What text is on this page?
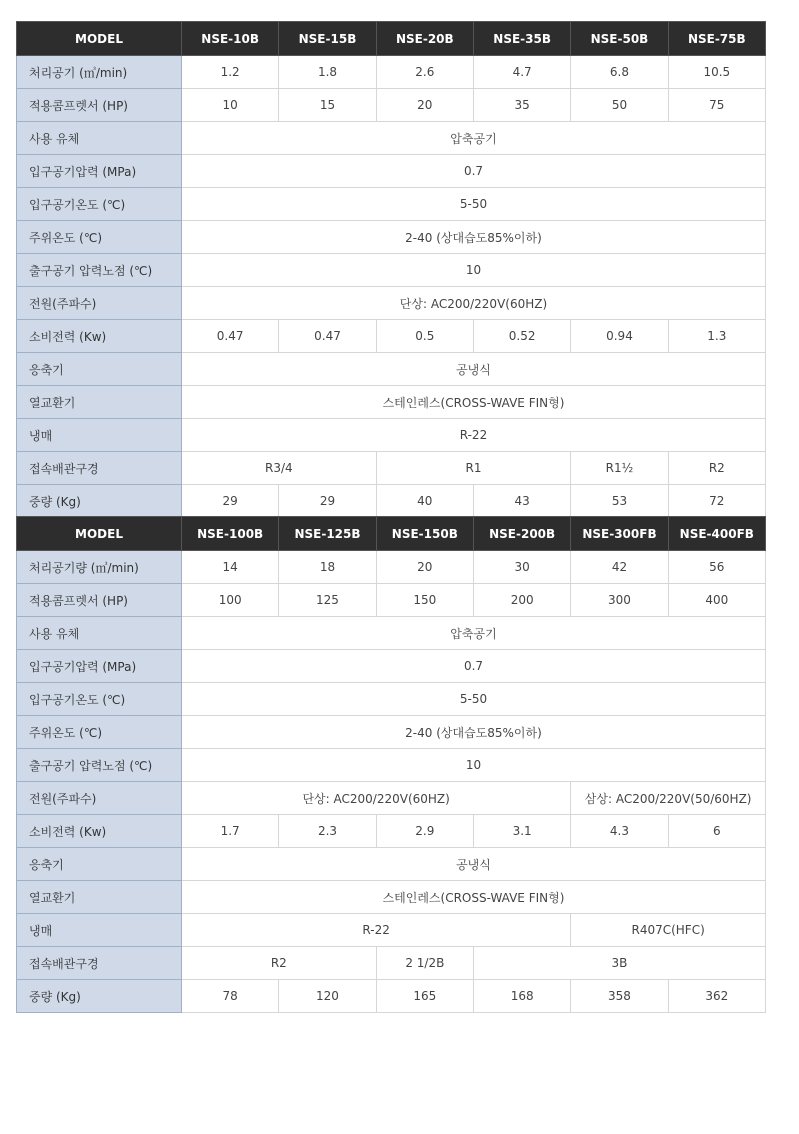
MODEL	NSE-10B	NSE-15B	NSE-20B	NSE-35B	NSE-50B	NSE-75B
처리공기 (㎥/min)	1.2	1.8	2.6	4.7	6.8	10.5
적용콤프렛서 (HP)	10	15	20	35	50	75
사용 유체	압축공기					
입구공기압력 (MPa)	0.7					
입구공기온도 (℃)	5-50					
주위온도 (℃)	2-40 (상대습도85%이하)					
출구공기 압력노점 (℃)	10					
전원(주파수)	단상: AC200/220V(60HZ)					
소비전력 (Kw)	0.47	0.47	0.5	0.52	0.94	1.3
응축기	공냉식					
열교환기	스테인레스(CROSS-WAVE FIN형)					
냉매	R-22					
접속배관구경	R3/4		R1		R1½	R2
중량 (Kg)	29	29	40	43	53	72
MODEL	NSE-100B	NSE-125B	NSE-150B	NSE-200B	NSE-300FB	NSE-400FB
처리공기량 (㎥/min)	14	18	20	30	42	56
적용콤프렛서 (HP)	100	125	150	200	300	400
사용 유체	압축공기					
입구공기압력 (MPa)	0.7					
입구공기온도 (℃)	5-50					
주위온도 (℃)	2-40 (상대습도85%이하)					
출구공기 압력노점 (℃)	10					
전원(주파수)	단상: AC200/220V(60HZ)				삼상: AC200/220V(50/60HZ)	
소비전력 (Kw)	1.7	2.3	2.9	3.1	4.3	6
응축기	공냉식					
열교환기	스테인레스(CROSS-WAVE FIN형)					
냉매	R-22				R407C(HFC)	
접속배관구경	R2		2 1/2B	3B		
중량 (Kg)	78	120	165	168	358	362
